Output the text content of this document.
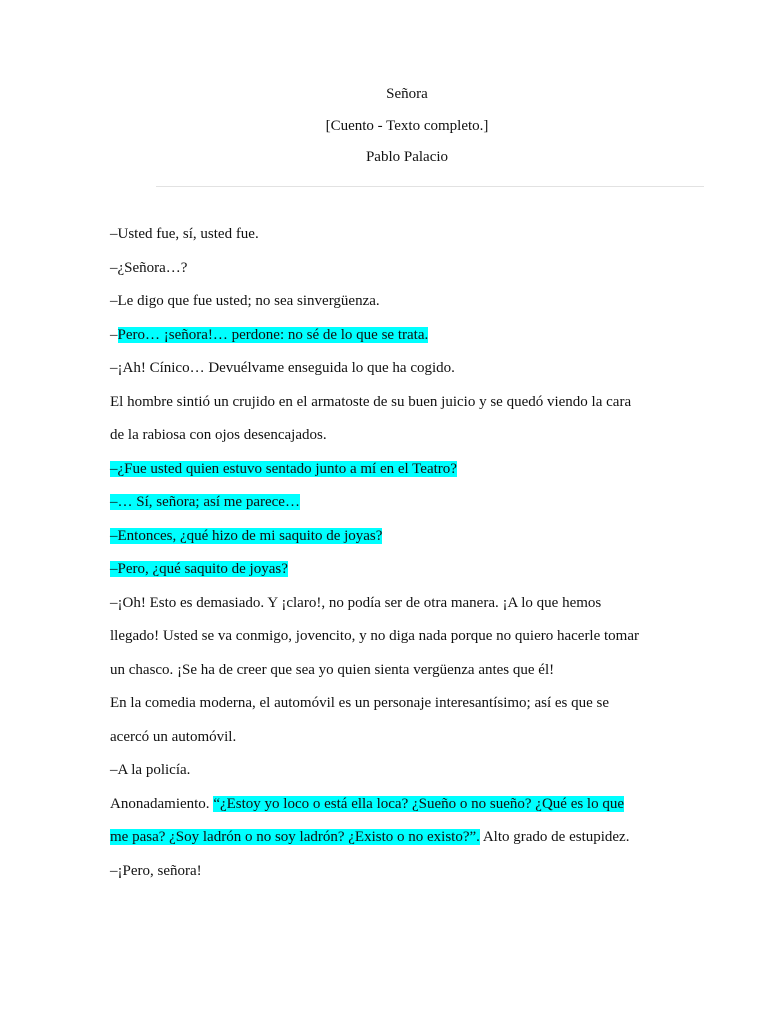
Señora

[Cuento - Texto completo.]

Pablo Palacio

–Usted fue, sí, usted fue.

–¿Señora…?

–Le digo que fue usted; no sea sinvergüenza.

–Pero… ¡señora!… perdone: no sé de lo que se trata.

–¡Ah! Cínico… Devuélvame enseguida lo que ha cogido.

El hombre sintió un crujido en el armatoste de su buen juicio y se quedó viendo la cara

de la rabiosa con ojos desencajados.

–¿Fue usted quien estuvo sentado junto a mí en el Teatro?

–… Sí, señora; así me parece…

–Entonces, ¿qué hizo de mi saquito de joyas?

–Pero, ¿qué saquito de joyas?

–¡Oh! Esto es demasiado. Y ¡claro!, no podía ser de otra manera. ¡A lo que hemos

llegado! Usted se va conmigo, jovencito, y no diga nada porque no quiero hacerle tomar

un chasco. ¡Se ha de creer que sea yo quien sienta vergüenza antes que él!

En la comedia moderna, el automóvil es un personaje interesantísimo; así es que se

acercó un automóvil.

–A la policía.

Anonadamiento. “¿Estoy yo loco o está ella loca? ¿Sueño o no sueño? ¿Qué es lo que

me pasa? ¿Soy ladrón o no soy ladrón? ¿Existo o no existo?”. Alto grado de estupidez.

–¡Pero, señora!
